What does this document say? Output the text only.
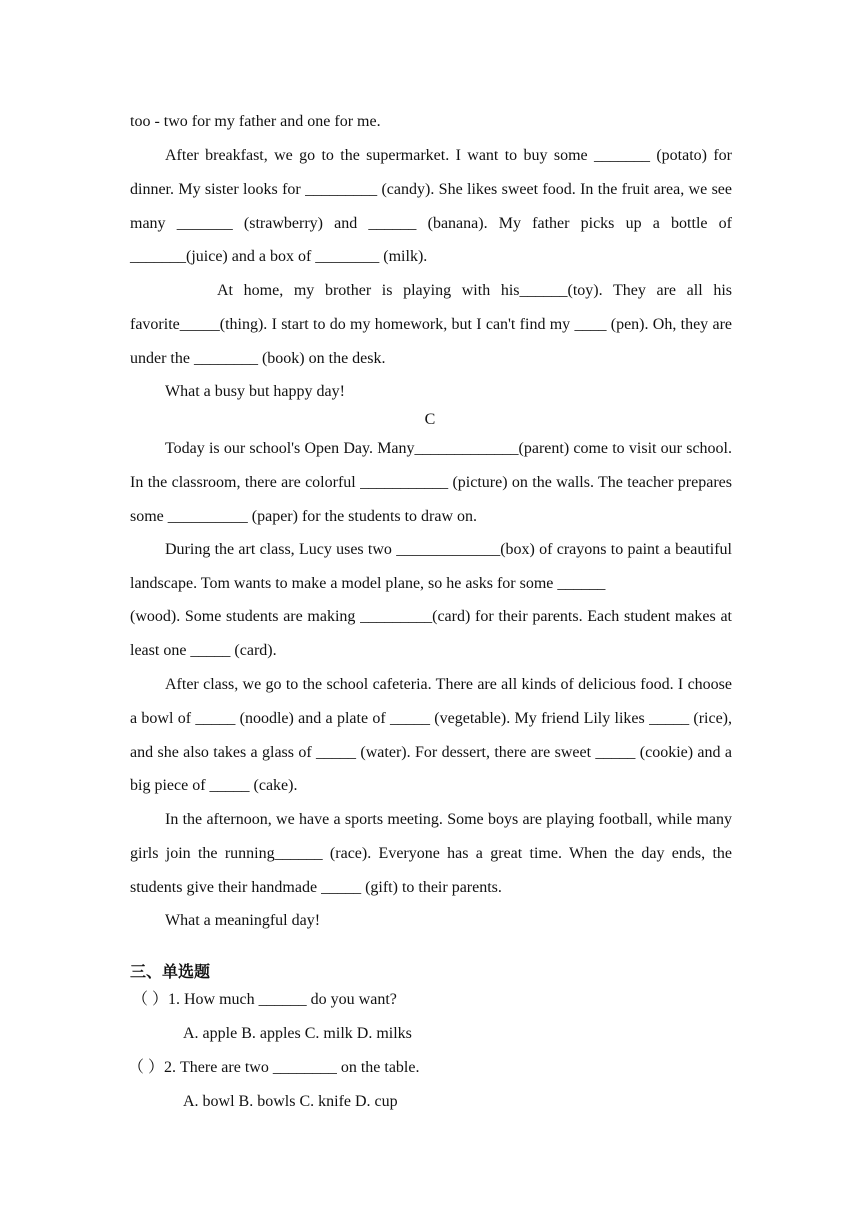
too - two for my father and one for me.

After breakfast, we go to the supermarket. I want to buy some _______ (potato) for dinner. My sister looks for _________ (candy). She likes sweet food. In the fruit area, we see many _______ (strawberry) and ______ (banana). My father picks up a bottle of _______(juice) and a box of ________ (milk).

At home, my brother is playing with his______(toy). They are all his favorite_____(thing). I start to do my homework, but I can't find my ____ (pen). Oh, they are under the ________ (book) on the desk.

What a busy but happy day!

C

Today is our school's Open Day. Many_____________(parent) come to visit our school. In the classroom, there are colorful ___________ (picture) on the walls. The teacher prepares some __________ (paper) for the students to draw on.

During the art class, Lucy uses two _____________(box) of crayons to paint a beautiful landscape. Tom wants to make a model plane, so he asks for some ______

(wood). Some students are making _________(card) for their parents. Each student makes at least one _____ (card).

After class, we go to the school cafeteria. There are all kinds of delicious food. I choose a bowl of _____ (noodle) and a plate of _____ (vegetable). My friend Lily likes _____ (rice), and she also takes a glass of _____ (water). For dessert, there are sweet _____ (cookie) and a big piece of _____ (cake).

In the afternoon, we have a sports meeting. Some boys are playing football, while many girls join the running______ (race). Everyone has a great time. When the day ends, the students give their handmade _____ (gift) to their parents.

What a meaningful day!

三、单选题
（ ）1. How much ______ do you want?
A. apple B. apples C. milk D. milks
（ ）2. There are two ________ on the table.
A. bowl B. bowls C. knife D. cup
